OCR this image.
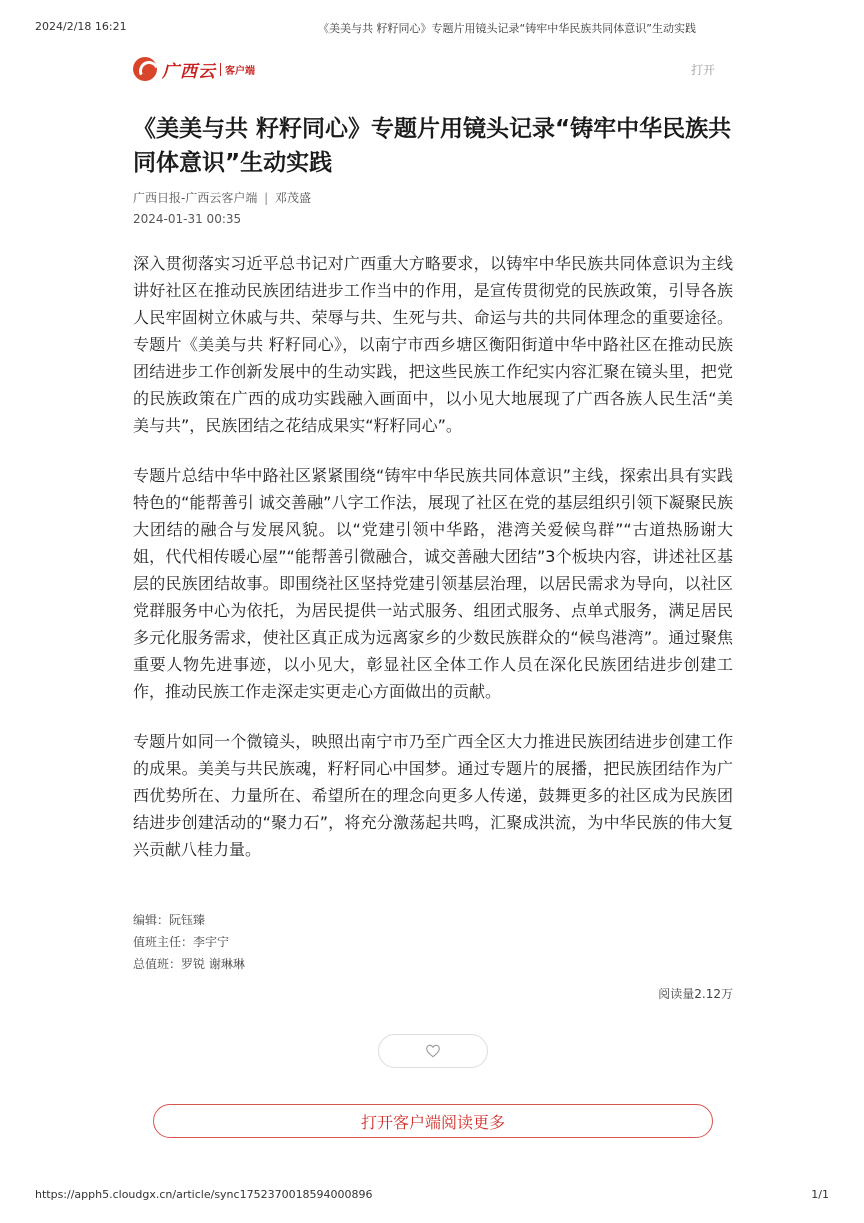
2024/2/18 16:21	《美美与共 籽籽同心》专题片用镜头记录“铸牢中华民族共同体意识”生动实践
广西云 客户端	打开
《美美与共 籽籽同心》专题片用镜头记录“铸牢中华民族共同体意识”生动实践
广西日报-广西云客户端 | 邓茂盛
2024-01-31 00:35

深入贯彻落实习近平总书记对广西重大方略要求，以铸牢中华民族共同体意识为主线讲好社区在推动民族团结进步工作当中的作用，是宣传贯彻党的民族政策，引导各族人民牢固树立休戚与共、荣辱与共、生死与共、命运与共的共同体理念的重要途径。专题片《美美与共 籽籽同心》，以南宁市西乡塘区衡阳街道中华中路社区在推动民族团结进步工作创新发展中的生动实践，把这些民族工作纪实内容汇聚在镜头里，把党的民族政策在广西的成功实践融入画面中，以小见大地展现了广西各族人民生活“美美与共”，民族团结之花结成果实“籽籽同心”。

专题片总结中华中路社区紧紧围绕“铸牢中华民族共同体意识”主线，探索出具有实践特色的“能帮善引 诚交善融”八字工作法，展现了社区在党的基层组织引领下凝聚民族大团结的融合与发展风貌。以“党建引领中华路，港湾关爱候鸟群”“古道热肠谢大姐，代代相传暖心屋”“能帮善引微融合，诚交善融大团结”3个板块内容，讲述社区基层的民族团结故事。即围绕社区坚持党建引领基层治理，以居民需求为导向，以社区党群服务中心为依托，为居民提供一站式服务、组团式服务、点单式服务，满足居民多元化服务需求，使社区真正成为远离家乡的少数民族群众的“候鸟港湾”。通过聚焦重要人物先进事迹，以小见大，彰显社区全体工作人员在深化民族团结进步创建工作，推动民族工作走深走实更走心方面做出的贡献。

专题片如同一个微镜头，映照出南宁市乃至广西全区大力推进民族团结进步创建工作的成果。美美与共民族魂，籽籽同心中国梦。通过专题片的展播，把民族团结作为广西优势所在、力量所在、希望所在的理念向更多人传递，鼓舞更多的社区成为民族团结进步创建活动的“聚力石”，将充分激荡起共鸣，汇聚成洪流，为中华民族的伟大复兴贡献八桂力量。

编辑：阮钰臻
值班主任：李宇宁
总值班：罗锐 谢琳琳
阅读量2.12万
打开客户端阅读更多
https://apph5.cloudgx.cn/article/sync1752370018594000896	1/1
